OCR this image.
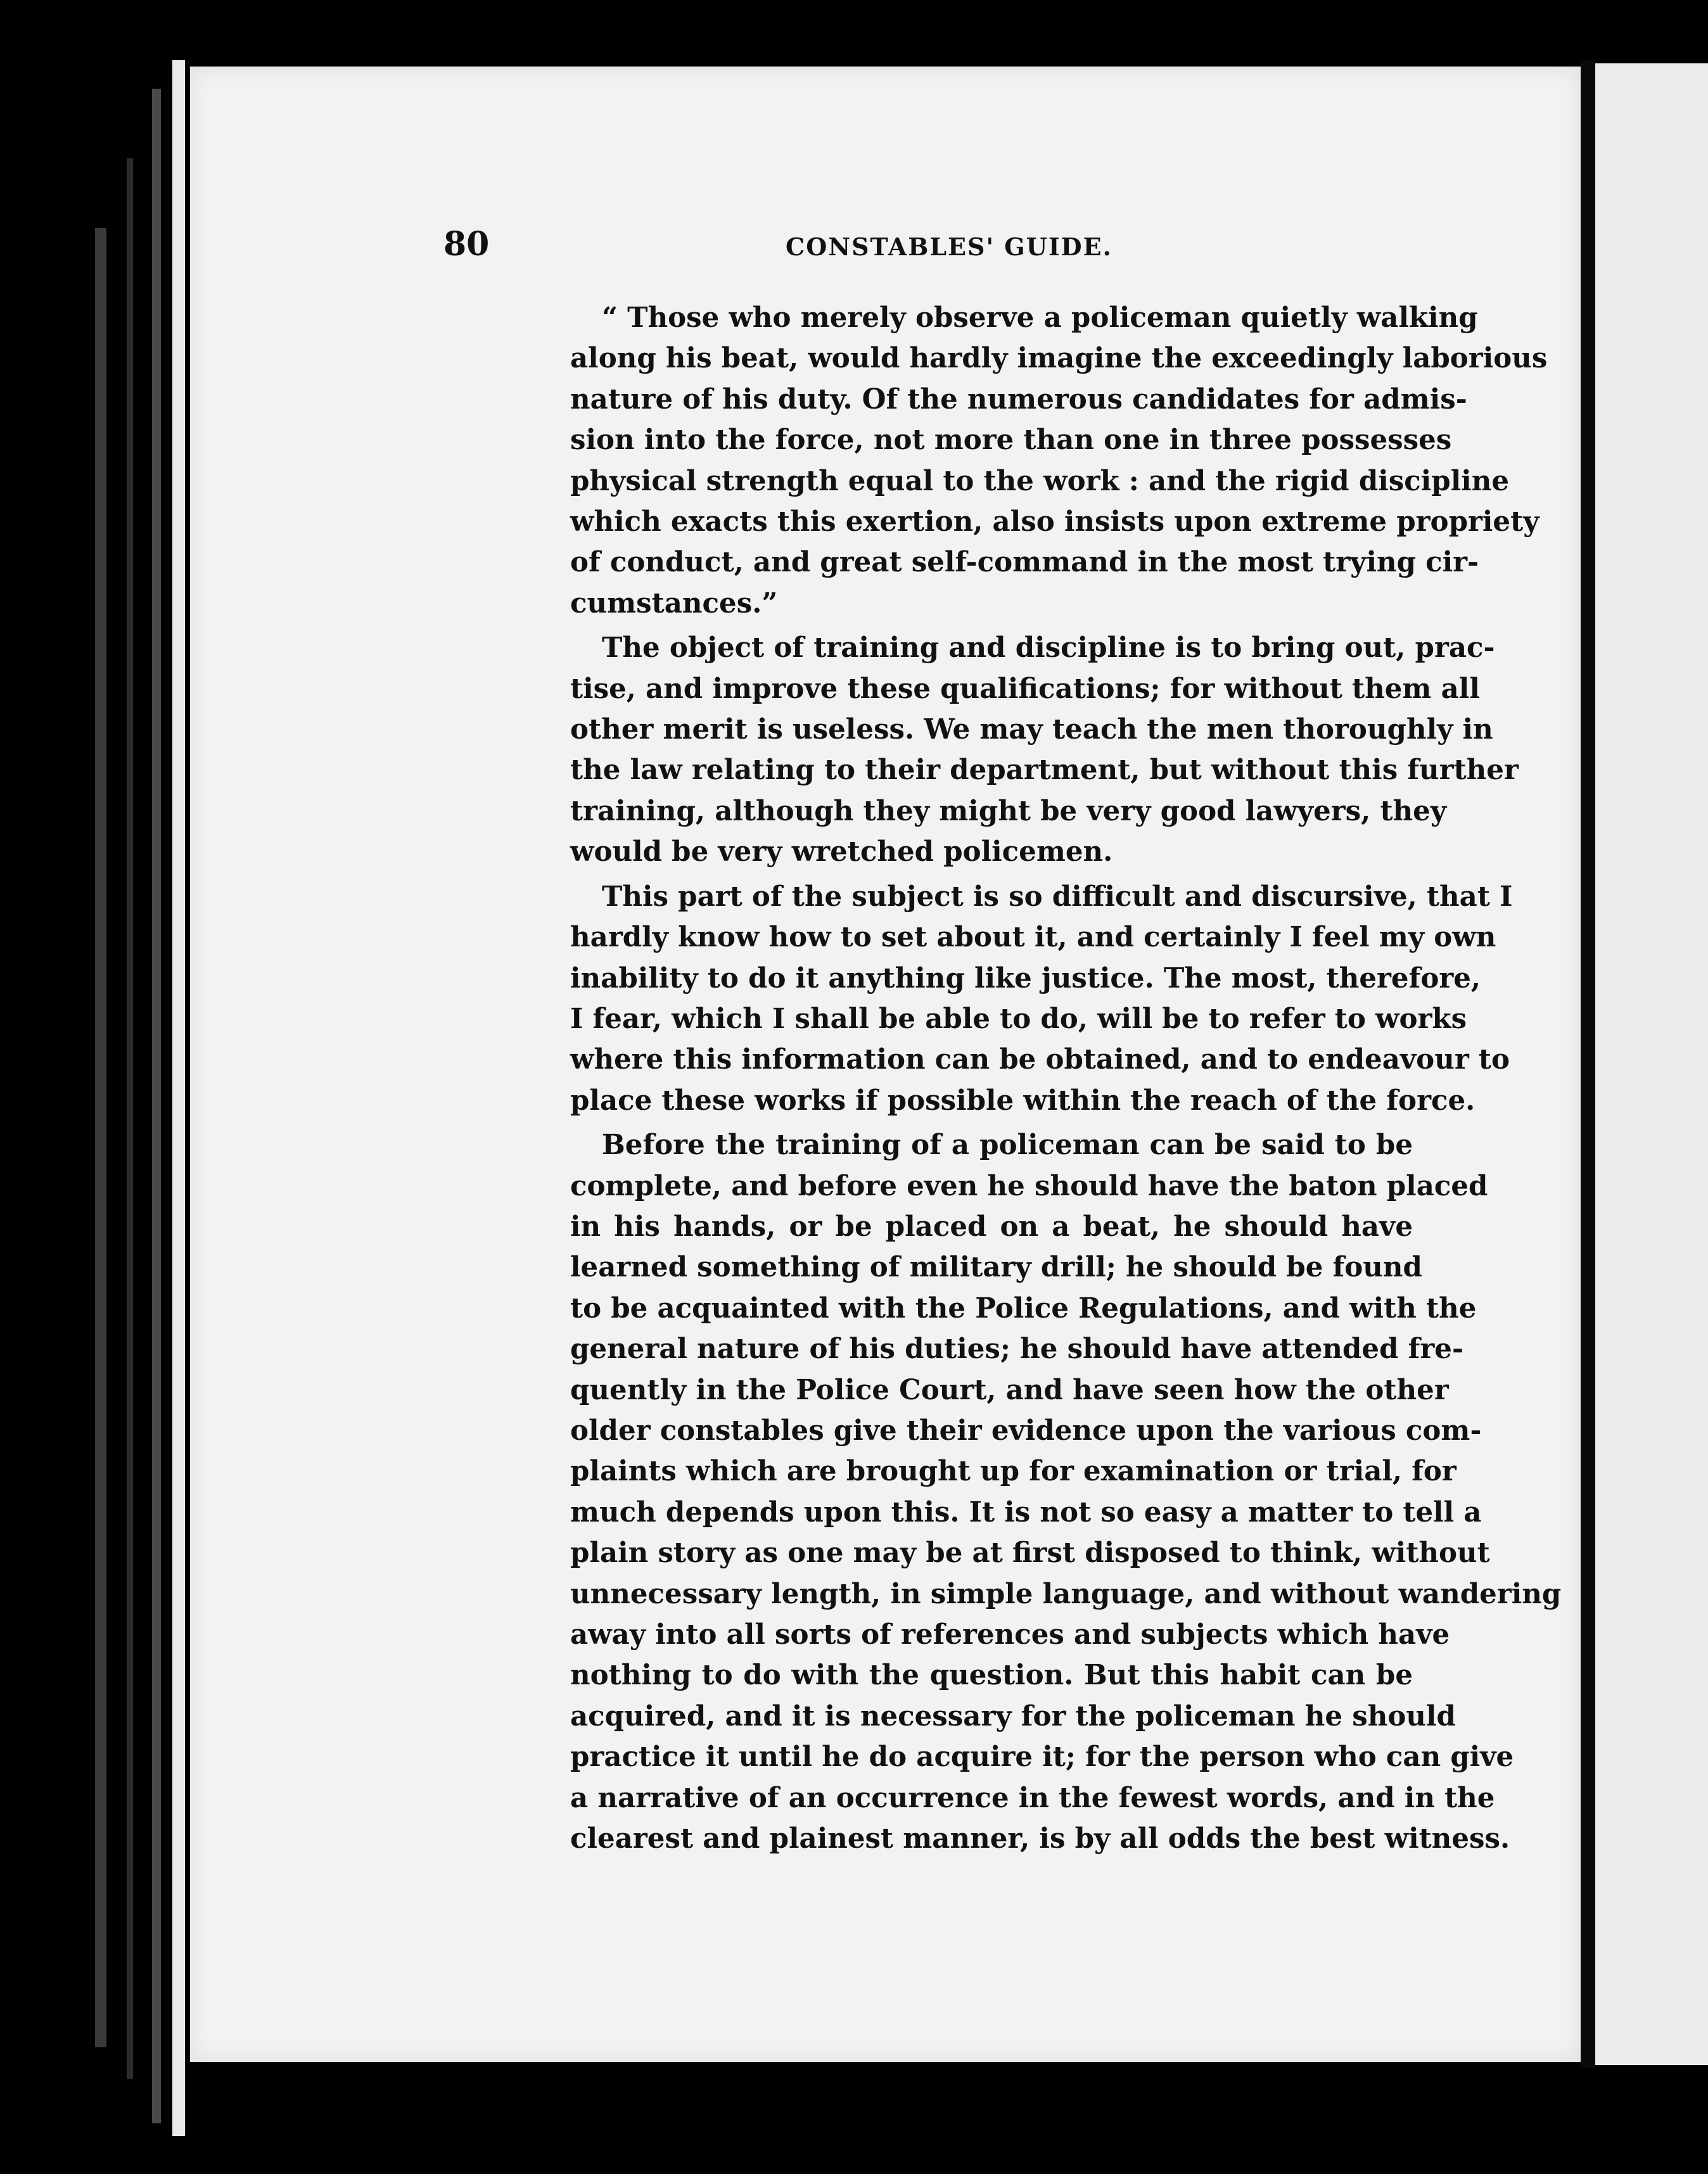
80	CONSTABLES' GUIDE.
“ Those who merely observe a policeman quietly walking
along his beat, would hardly imagine the exceedingly laborious
nature of his duty. Of the numerous candidates for admis-
sion into the force, not more than one in three possesses
physical strength equal to the work : and the rigid discipline
which exacts this exertion, also insists upon extreme propriety
of conduct, and great self-command in the most trying cir-
cumstances.”
The object of training and discipline is to bring out, prac-
tise, and improve these qualifications; for without them all
other merit is useless. We may teach the men thoroughly in
the law relating to their department, but without this further
training, although they might be very good lawyers, they
would be very wretched policemen.
This part of the subject is so difficult and discursive, that I
hardly know how to set about it, and certainly I feel my own
inability to do it anything like justice. The most, therefore,
I fear, which I shall be able to do, will be to refer to works
where this information can be obtained, and to endeavour to
place these works if possible within the reach of the force.
Before the training of a policeman can be said to be
complete, and before even he should have the baton placed
in his hands, or be placed on a beat, he should have
learned something of military drill; he should be found
to be acquainted with the Police Regulations, and with the
general nature of his duties; he should have attended fre-
quently in the Police Court, and have seen how the other
older constables give their evidence upon the various com-
plaints which are brought up for examination or trial, for
much depends upon this. It is not so easy a matter to tell a
plain story as one may be at first disposed to think, without
unnecessary length, in simple language, and without wandering
away into all sorts of references and subjects which have
nothing to do with the question. But this habit can be
acquired, and it is necessary for the policeman he should
practice it until he do acquire it; for the person who can give
a narrative of an occurrence in the fewest words, and in the
clearest and plainest manner, is by all odds the best witness.
